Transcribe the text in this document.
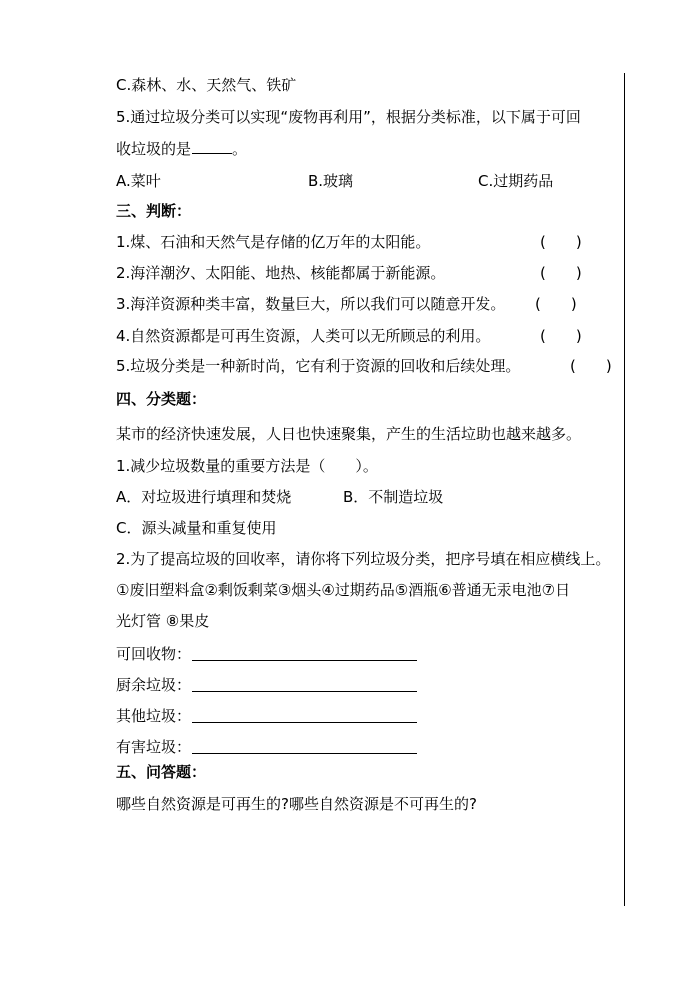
C.森林、水、天然气、铁矿
5.通过垃圾分类可以实现“废物再利用”，根据分类标准，以下属于可回
收垃圾的是	。
A.菜叶	B.玻璃	C.过期药品
三、判断：
1.煤、石油和天然气是存储的亿万年的太阳能。	(　　)
2.海洋潮汐、太阳能、地热、核能都属于新能源。	(　　)
3.海洋资源种类丰富，数量巨大，所以我们可以随意开发。 (　　)
4.自然资源都是可再生资源，人类可以无所顾忌的利用。	(　　)
5.垃圾分类是一种新时尚，它有利于资源的回收和后续处理。	(　　)
四、分类题：
某市的经济快速发展，人日也快速聚集，产生的生活垃助也越来越多。
1.减少垃圾数量的重要方法是（　　）。
A．对垃圾进行填理和焚烧	B．不制造垃圾
C．源头减量和重复使用
2.为了提高垃圾的回收率，请你将下列垃圾分类，把序号填在相应横线上。
①废旧塑料盒②剩饭剩菜③烟头④过期药品⑤酒瓶⑥普通无汞电池⑦日
光灯管 ⑧果皮
可回收物：
厨余垃圾：
其他垃圾：
有害垃圾：
五、问答题：
哪些自然资源是可再生的?哪些自然资源是不可再生的?
